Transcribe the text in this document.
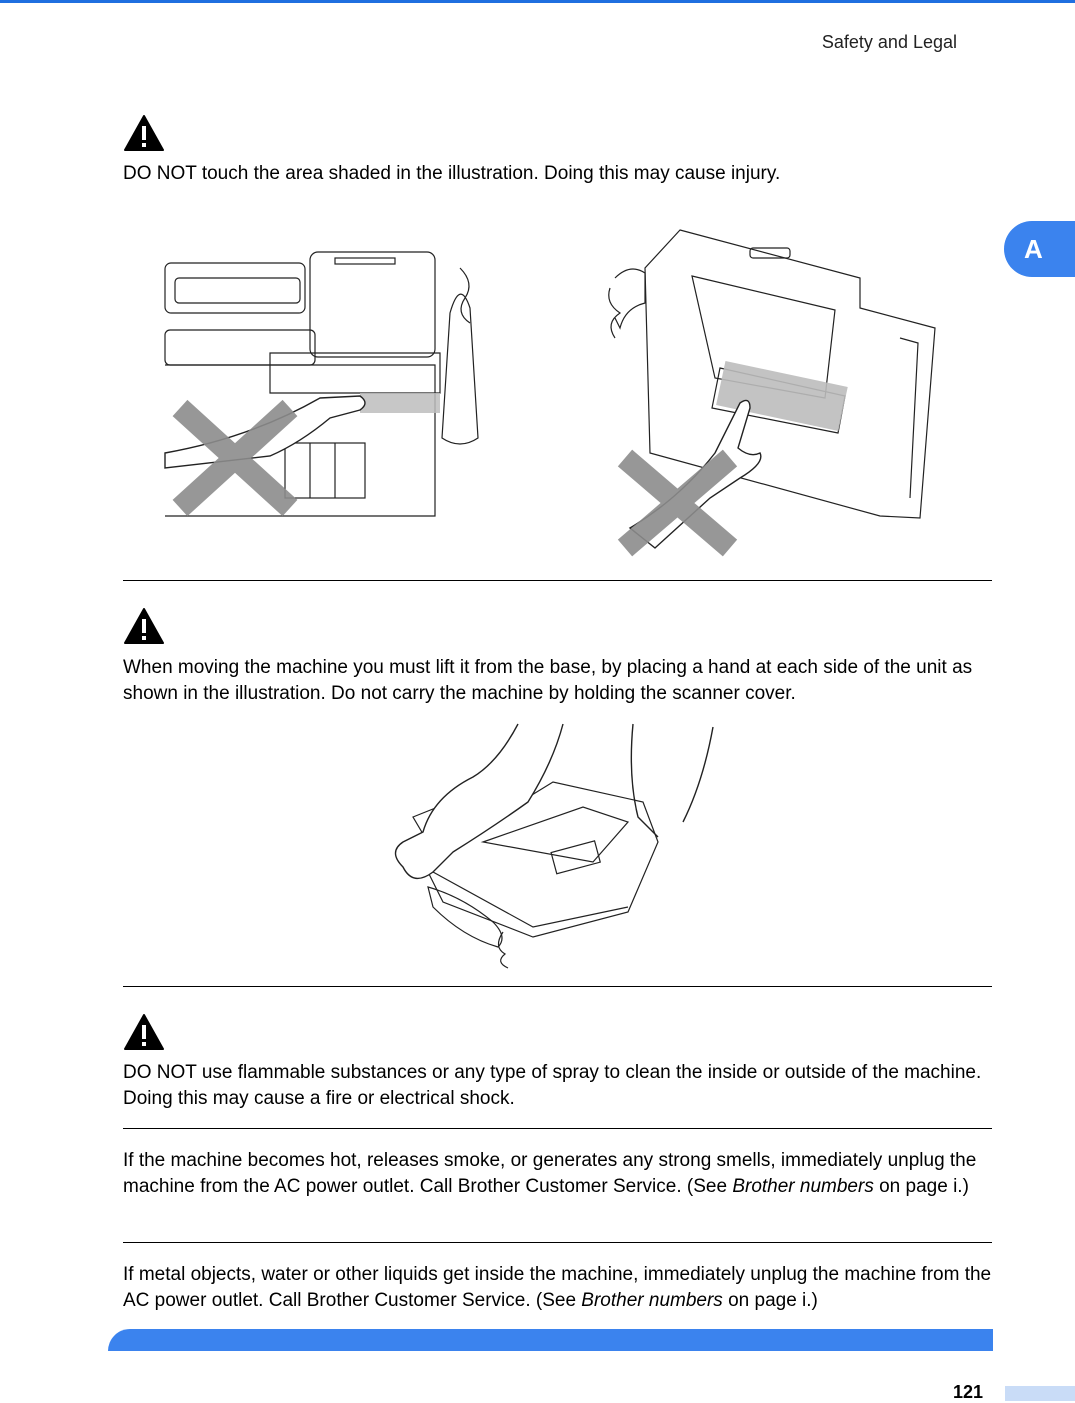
Safety and Legal
A
DO NOT touch the area shaded in the illustration. Doing this may cause injury.
When moving the machine you must lift it from the base, by placing a hand at each side of the unit as shown in the illustration. Do not carry the machine by holding the scanner cover.
DO NOT use flammable substances or any type of spray to clean the inside or outside of the machine. Doing this may cause a fire or electrical shock.
If the machine becomes hot, releases smoke, or generates any strong smells, immediately unplug the machine from the AC power outlet. Call Brother Customer Service. (See Brother numbers on page i.)
If metal objects, water or other liquids get inside the machine, immediately unplug the machine from the AC power outlet. Call Brother Customer Service. (See Brother numbers on page i.)
121
